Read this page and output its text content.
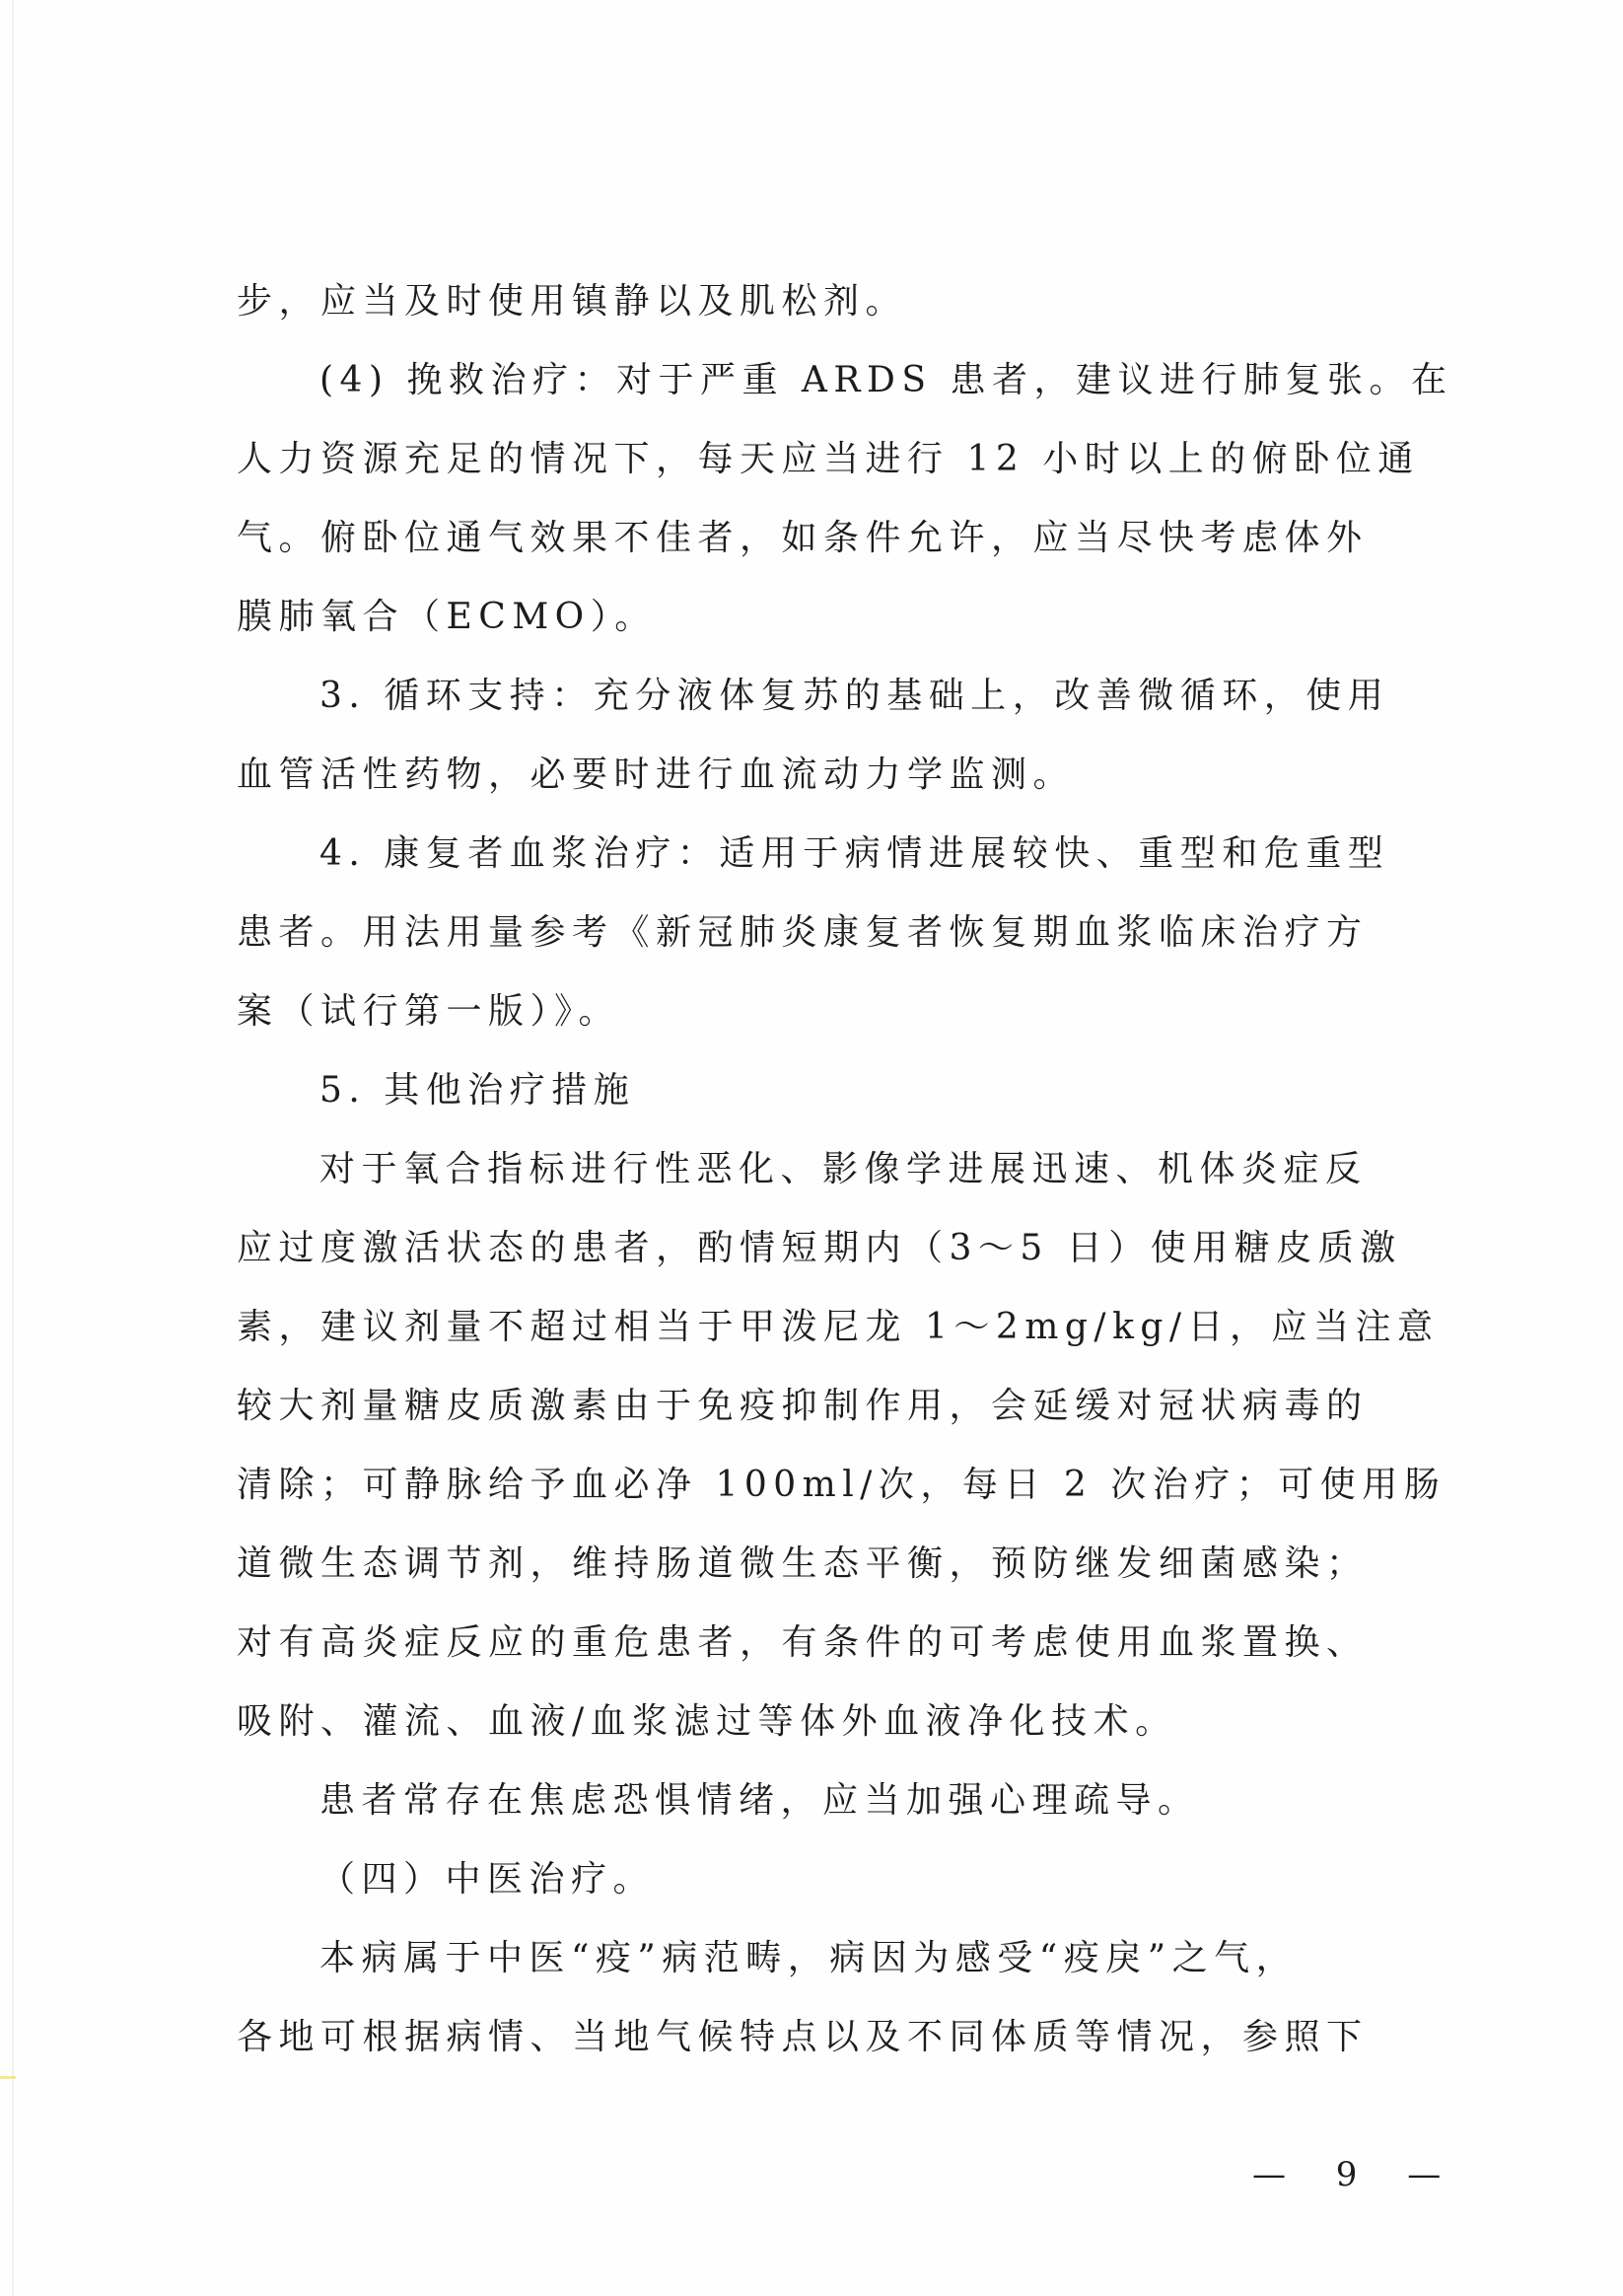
步，应当及时使用镇静以及肌松剂。
(4) 挽救治疗：对于严重 ARDS 患者，建议进行肺复张。在
人力资源充足的情况下，每天应当进行 12 小时以上的俯卧位通
气。俯卧位通气效果不佳者，如条件允许，应当尽快考虑体外
膜肺氧合（ECMO）。
3. 循环支持：充分液体复苏的基础上，改善微循环，使用
血管活性药物，必要时进行血流动力学监测。
4. 康复者血浆治疗：适用于病情进展较快、重型和危重型
患者。用法用量参考《新冠肺炎康复者恢复期血浆临床治疗方
案（试行第一版）》。
5. 其他治疗措施
对于氧合指标进行性恶化、影像学进展迅速、机体炎症反
应过度激活状态的患者，酌情短期内（3～5 日）使用糖皮质激
素，建议剂量不超过相当于甲泼尼龙 1～2mg/kg/日，应当注意
较大剂量糖皮质激素由于免疫抑制作用，会延缓对冠状病毒的
清除；可静脉给予血必净 100ml/次，每日 2 次治疗；可使用肠
道微生态调节剂，维持肠道微生态平衡，预防继发细菌感染；
对有高炎症反应的重危患者，有条件的可考虑使用血浆置换、
吸附、灌流、血液/血浆滤过等体外血液净化技术。
患者常存在焦虑恐惧情绪，应当加强心理疏导。
（四）中医治疗。
本病属于中医“疫”病范畴，病因为感受“疫戾”之气，
各地可根据病情、当地气候特点以及不同体质等情况，参照下
— 9 —
